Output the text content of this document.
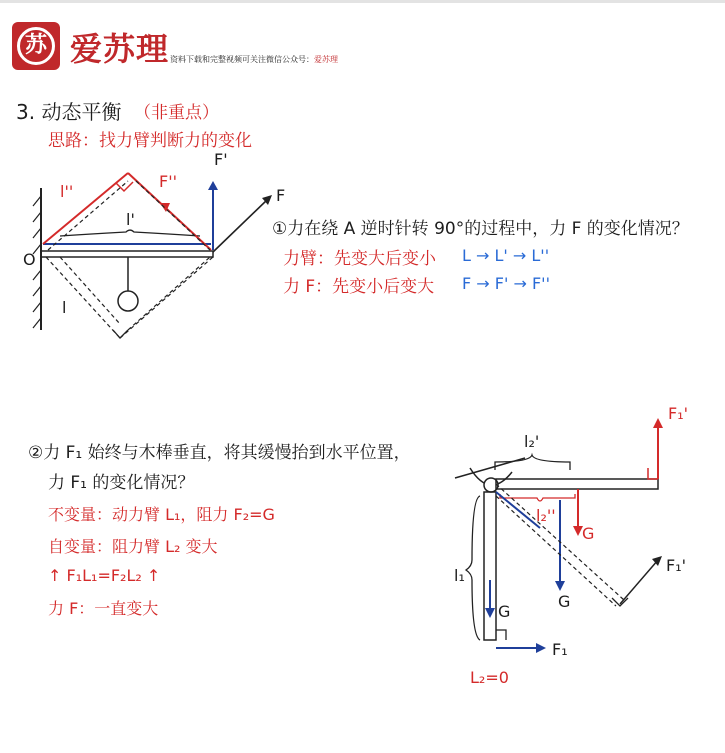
苏 爱苏理 资料下载和完整视频可关注微信公众号：爱苏理
3. 动态平衡 （非重点）
思路：找力臂判断力的变化
F'
F''
F
l''
l'
l
O
①力在绕 A 逆时针转 90°的过程中，力 F 的变化情况？
力臂：先变大后变小 L → L' → L''
力 F：先变小后变大 F → F' → F''
②力 F₁ 始终与木棒垂直，将其缓慢抬到水平位置，
力 F₁ 的变化情况？
不变量：动力臂 L₁，阻力 F₂=G
自变量：阻力臂 L₂ 变大
↑ F₁L₁=F₂L₂ ↑
力 F：一直变大
F₁'
l₂'
l₂''
G
G
F₁'
l₁
G
F₁
L₂=0
